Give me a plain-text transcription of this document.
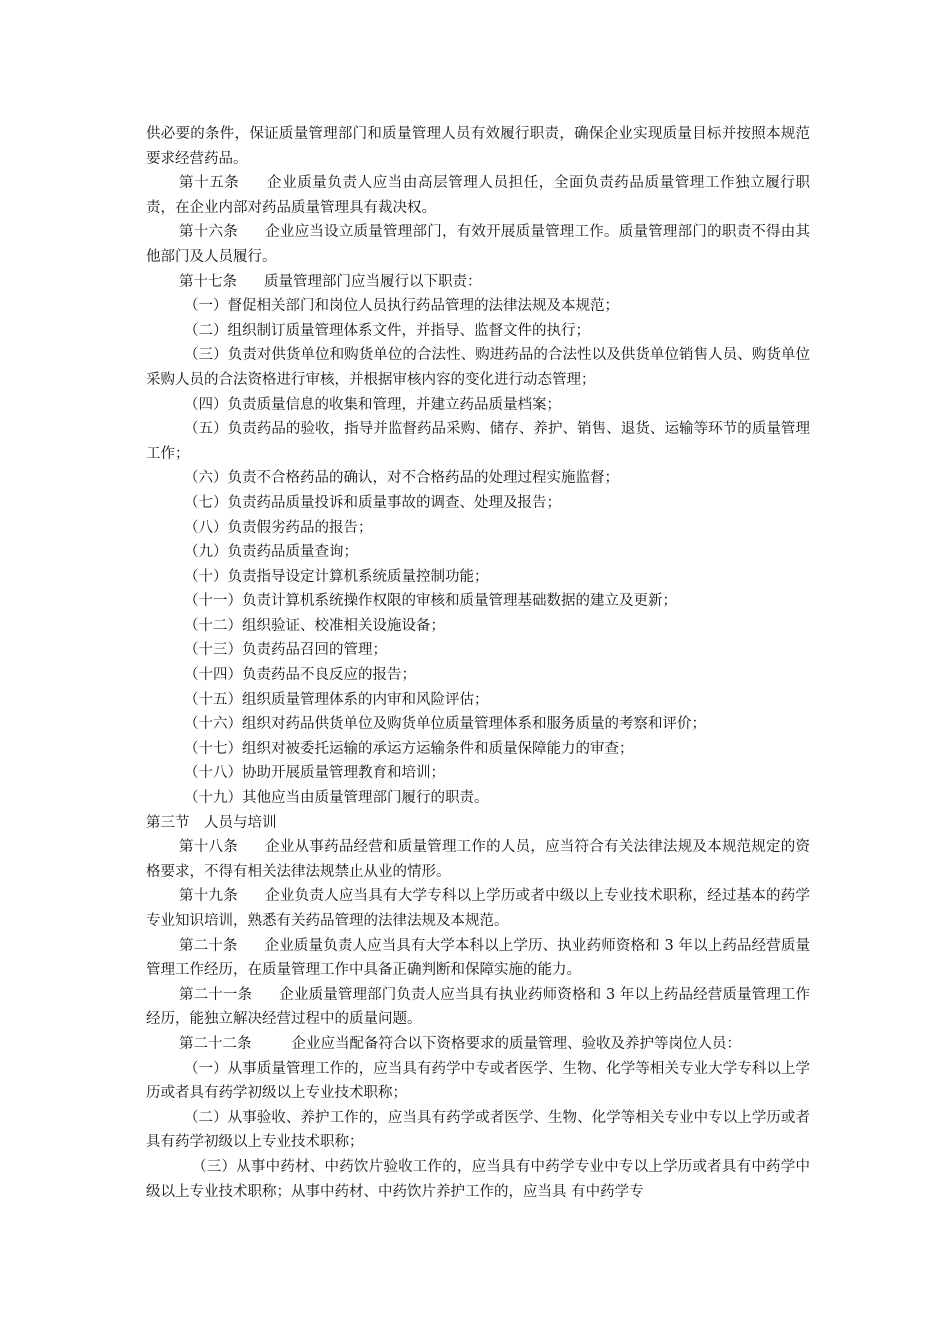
供必要的条件，保证质量管理部门和质量管理人员有效履行职责，确保企业实现质量目标并按照本规范要求经营药品。

第十五条 企业质量负责人应当由高层管理人员担任，全面负责药品质量管理工作独立履行职责，在企业内部对药品质量管理具有裁决权。

第十六条 企业应当设立质量管理部门，有效开展质量管理工作。质量管理部门的职责不得由其他部门及人员履行。

第十七条 质量管理部门应当履行以下职责：

（一）督促相关部门和岗位人员执行药品管理的法律法规及本规范；

（二）组织制订质量管理体系文件，并指导、监督文件的执行；

（三）负责对供货单位和购货单位的合法性、购进药品的合法性以及供货单位销售人员、购货单位采购人员的合法资格进行审核，并根据审核内容的变化进行动态管理；

（四）负责质量信息的收集和管理，并建立药品质量档案；

（五）负责药品的验收，指导并监督药品采购、储存、养护、销售、退货、运输等环节的质量管理工作；

（六）负责不合格药品的确认，对不合格药品的处理过程实施监督；

（七）负责药品质量投诉和质量事故的调查、处理及报告；

（八）负责假劣药品的报告；

（九）负责药品质量查询；

（十）负责指导设定计算机系统质量控制功能；

（十一）负责计算机系统操作权限的审核和质量管理基础数据的建立及更新；

（十二）组织验证、校准相关设施设备；

（十三）负责药品召回的管理；

（十四）负责药品不良反应的报告；

（十五）组织质量管理体系的内审和风险评估；

（十六）组织对药品供货单位及购货单位质量管理体系和服务质量的考察和评价；

（十七）组织对被委托运输的承运方运输条件和质量保障能力的审查；

（十八）协助开展质量管理教育和培训；

（十九）其他应当由质量管理部门履行的职责。

第三节　人员与培训

第十八条 企业从事药品经营和质量管理工作的人员，应当符合有关法律法规及本规范规定的资格要求，不得有相关法律法规禁止从业的情形。

第十九条 企业负责人应当具有大学专科以上学历或者中级以上专业技术职称，经过基本的药学专业知识培训，熟悉有关药品管理的法律法规及本规范。

第二十条 企业质量负责人应当具有大学本科以上学历、执业药师资格和 3 年以上药品经营质量管理工作经历，在质量管理工作中具备正确判断和保障实施的能力。

第二十一条 企业质量管理部门负责人应当具有执业药师资格和 3 年以上药品经营质量管理工作经历，能独立解决经营过程中的质量问题。

第二十二条	企业应当配备符合以下资格要求的质量管理、验收及养护等岗位人员：

（一）从事质量管理工作的，应当具有药学中专或者医学、生物、化学等相关专业大学专科以上学历或者具有药学初级以上专业技术职称；

（二）从事验收、养护工作的，应当具有药学或者医学、生物、化学等相关专业中专以上学历或者具有药学初级以上专业技术职称；

（三）从事中药材、中药饮片验收工作的，应当具有中药学专业中专以上学历或者具有中药学中级以上专业技术职称；从事中药材、中药饮片养护工作的，应当具 有中药学专
